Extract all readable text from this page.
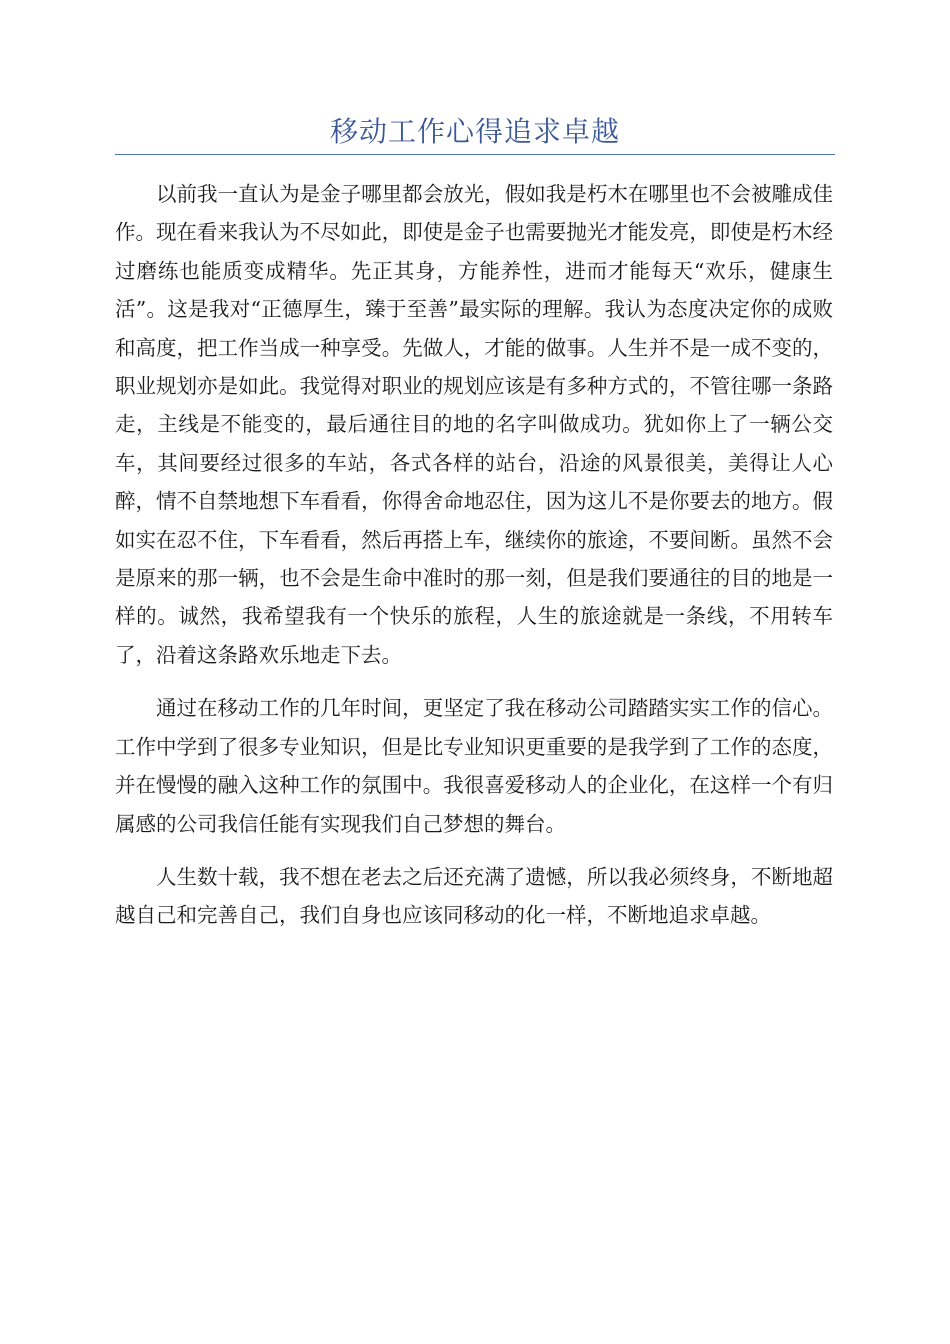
移动工作心得追求卓越

以前我一直认为是金子哪里都会放光，假如我是朽木在哪里也不会被雕成佳作。现在看来我认为不尽如此，即使是金子也需要抛光才能发亮，即使是朽木经过磨练也能质变成精华。先正其身，方能养性，进而才能每天“欢乐，健康生活”。这是我对“正德厚生，臻于至善”最实际的理解。我认为态度决定你的成败和高度，把工作当成一种享受。先做人，才能的做事。人生并不是一成不变的，职业规划亦是如此。我觉得对职业的规划应该是有多种方式的，不管往哪一条路走，主线是不能变的，最后通往目的地的名字叫做成功。犹如你上了一辆公交车，其间要经过很多的车站，各式各样的站台，沿途的风景很美，美得让人心醉，情不自禁地想下车看看，你得舍命地忍住，因为这儿不是你要去的地方。假如实在忍不住，下车看看，然后再搭上车，继续你的旅途，不要间断。虽然不会是原来的那一辆，也不会是生命中准时的那一刻，但是我们要通往的目的地是一样的。诚然，我希望我有一个快乐的旅程，人生的旅途就是一条线，不用转车了，沿着这条路欢乐地走下去。

通过在移动工作的几年时间，更坚定了我在移动公司踏踏实实工作的信心。工作中学到了很多专业知识，但是比专业知识更重要的是我学到了工作的态度，并在慢慢的融入这种工作的氛围中。我很喜爱移动人的企业化，在这样一个有归属感的公司我信任能有实现我们自己梦想的舞台。

人生数十载，我不想在老去之后还充满了遗憾，所以我必须终身，不断地超越自己和完善自己，我们自身也应该同移动的化一样，不断地追求卓越。
